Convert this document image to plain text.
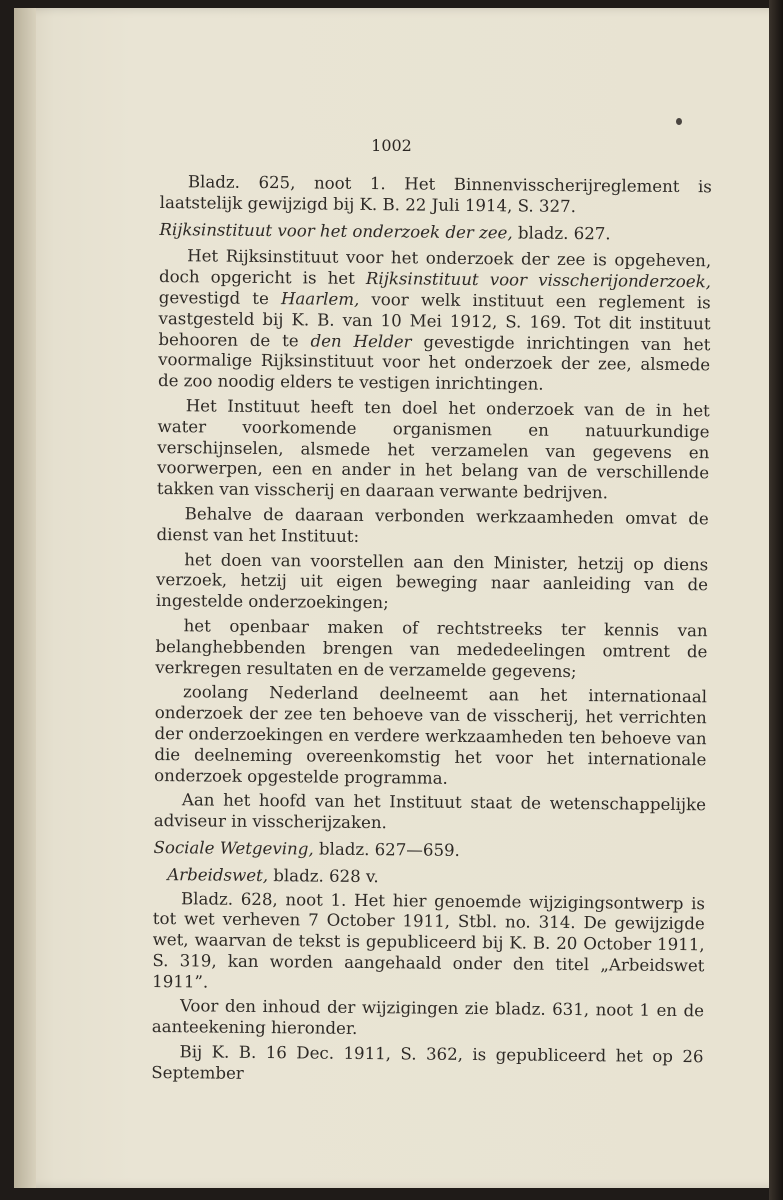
1002

Bladz. 625, noot 1. Het Binnenvisscherijreglement is laatstelijk gewijzigd bij K. B. 22 Juli 1914, S. 327.

Rijksinstituut voor het onderzoek der zee, bladz. 627.

Het Rijksinstituut voor het onderzoek der zee is opgeheven, doch opgericht is het Rijksinstituut voor visscherijonderzoek, gevestigd te Haarlem, voor welk instituut een reglement is vastgesteld bij K. B. van 10 Mei 1912, S. 169. Tot dit instituut behooren de te den Helder gevestigde inrichtingen van het voormalige Rijksinstituut voor het onderzoek der zee, alsmede de zoo noodig elders te vestigen inrichtingen.

Het Instituut heeft ten doel het onderzoek van de in het water voorkomende organismen en natuurkundige verschijnselen, alsmede het verzamelen van gegevens en voorwerpen, een en ander in het belang van de verschillende takken van visscherij en daaraan verwante bedrijven.

Behalve de daaraan verbonden werkzaamheden omvat de dienst van het Instituut:

het doen van voorstellen aan den Minister, hetzij op diens verzoek, hetzij uit eigen beweging naar aanleiding van de ingestelde onderzoekingen;

het openbaar maken of rechtstreeks ter kennis van belanghebbenden brengen van mededeelingen omtrent de verkregen resultaten en de verzamelde gegevens;

zoolang Nederland deelneemt aan het internationaal onderzoek der zee ten behoeve van de visscherij, het verrichten der onderzoekingen en verdere werkzaamheden ten behoeve van die deelneming overeenkomstig het voor het internationale onderzoek opgestelde programma.

Aan het hoofd van het Instituut staat de wetenschappelijke adviseur in visscherijzaken.

Sociale Wetgeving, bladz. 627—659.

Arbeidswet, bladz. 628 v.

Bladz. 628, noot 1. Het hier genoemde wijzigingsontwerp is tot wet verheven 7 October 1911, Stbl. no. 314. De gewijzigde wet, waarvan de tekst is gepubliceerd bij K. B. 20 October 1911, S. 319, kan worden aangehaald onder den titel „Arbeidswet 1911”.

Voor den inhoud der wijzigingen zie bladz. 631, noot 1 en de aanteekening hieronder.

Bij K. B. 16 Dec. 1911, S. 362, is gepubliceerd het op 26 September
